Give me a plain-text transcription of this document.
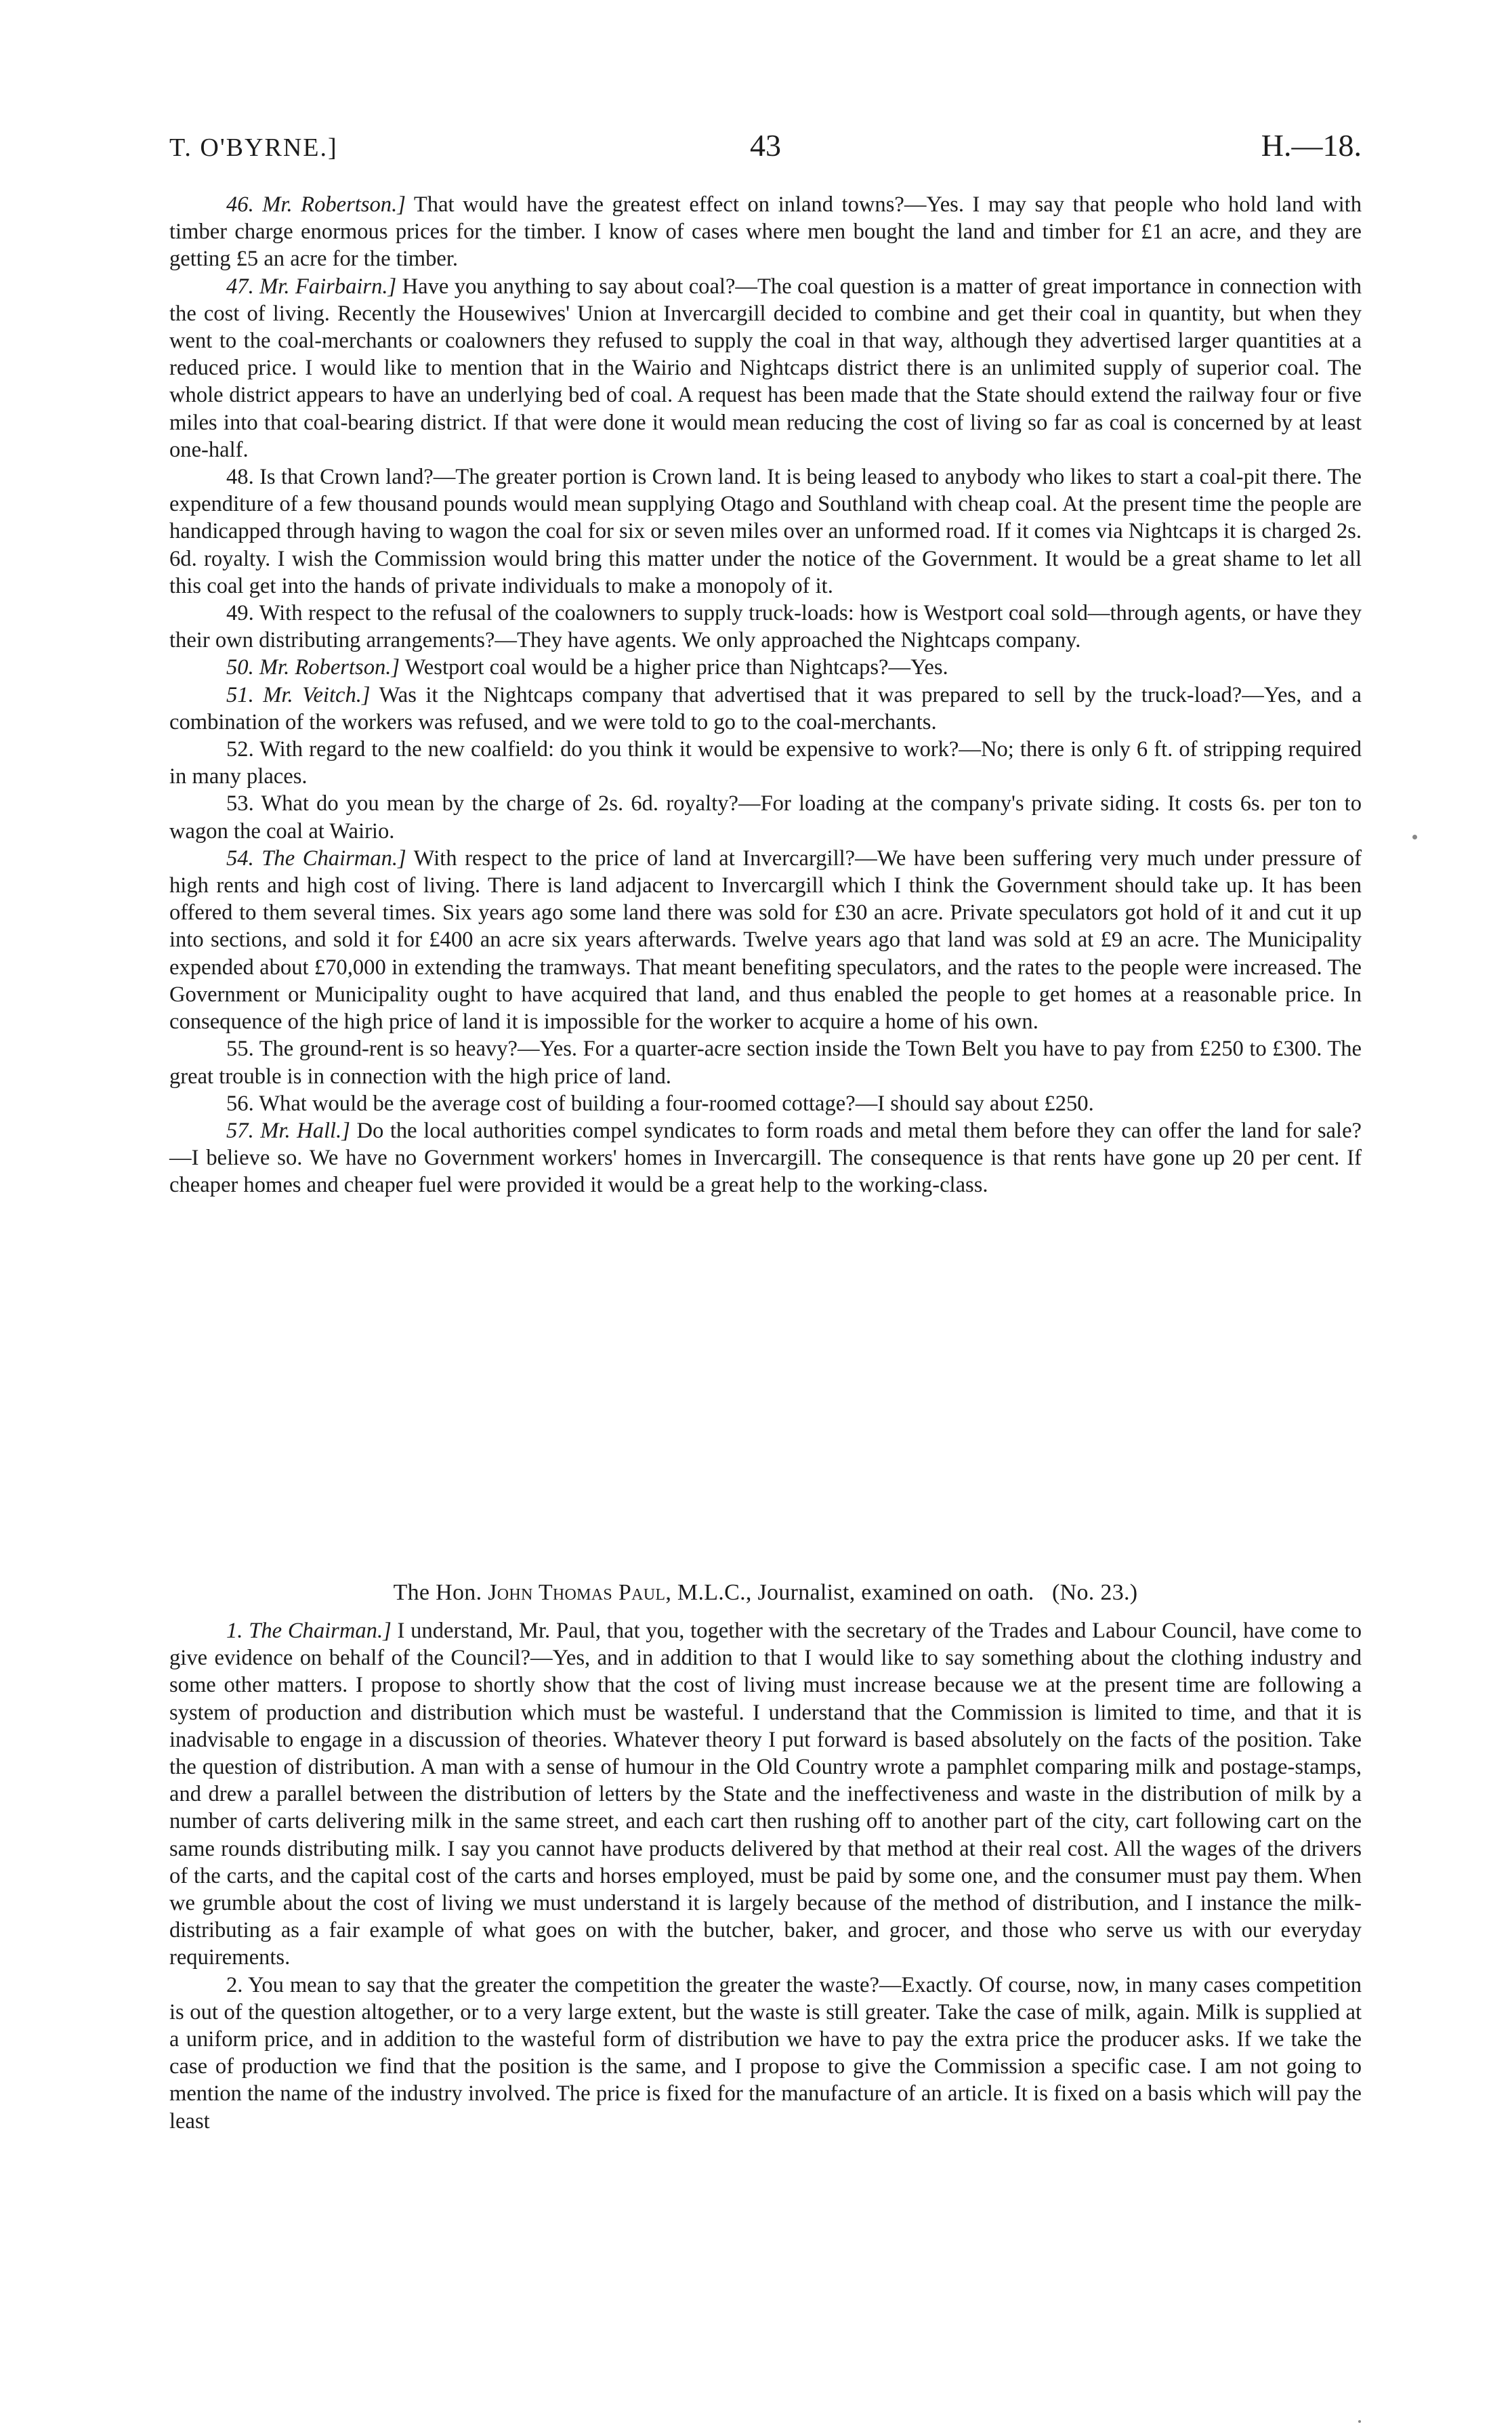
T. O'BYRNE.]	43	H.—18.

46. Mr. Robertson.] That would have the greatest effect on inland towns?—Yes. I may say that people who hold land with timber charge enormous prices for the timber. I know of cases where men bought the land and timber for £1 an acre, and they are getting £5 an acre for the timber.

47. Mr. Fairbairn.] Have you anything to say about coal?—The coal question is a matter of great importance in connection with the cost of living. Recently the Housewives' Union at Invercargill decided to combine and get their coal in quantity, but when they went to the coal-merchants or coalowners they refused to supply the coal in that way, although they advertised larger quantities at a reduced price. I would like to mention that in the Wairio and Nightcaps district there is an unlimited supply of superior coal. The whole district appears to have an underlying bed of coal. A request has been made that the State should extend the railway four or five miles into that coal-bearing district. If that were done it would mean reducing the cost of living so far as coal is concerned by at least one-half.

48. Is that Crown land?—The greater portion is Crown land. It is being leased to anybody who likes to start a coal-pit there. The expenditure of a few thousand pounds would mean supplying Otago and Southland with cheap coal. At the present time the people are handicapped through having to wagon the coal for six or seven miles over an unformed road. If it comes via Nightcaps it is charged 2s. 6d. royalty. I wish the Commission would bring this matter under the notice of the Government. It would be a great shame to let all this coal get into the hands of private individuals to make a monopoly of it.

49. With respect to the refusal of the coalowners to supply truck-loads: how is Westport coal sold—through agents, or have they their own distributing arrangements?—They have agents. We only approached the Nightcaps company.

50. Mr. Robertson.] Westport coal would be a higher price than Nightcaps?—Yes.

51. Mr. Veitch.] Was it the Nightcaps company that advertised that it was prepared to sell by the truck-load?—Yes, and a combination of the workers was refused, and we were told to go to the coal-merchants.

52. With regard to the new coalfield: do you think it would be expensive to work?—No; there is only 6 ft. of stripping required in many places.

53. What do you mean by the charge of 2s. 6d. royalty?—For loading at the company's private siding. It costs 6s. per ton to wagon the coal at Wairio.

54. The Chairman.] With respect to the price of land at Invercargill?—We have been suffering very much under pressure of high rents and high cost of living. There is land adjacent to Invercargill which I think the Government should take up. It has been offered to them several times. Six years ago some land there was sold for £30 an acre. Private speculators got hold of it and cut it up into sections, and sold it for £400 an acre six years afterwards. Twelve years ago that land was sold at £9 an acre. The Municipality expended about £70,000 in extending the tramways. That meant benefiting speculators, and the rates to the people were increased. The Government or Municipality ought to have acquired that land, and thus enabled the people to get homes at a reasonable price. In consequence of the high price of land it is impossible for the worker to acquire a home of his own.

55. The ground-rent is so heavy?—Yes. For a quarter-acre section inside the Town Belt you have to pay from £250 to £300. The great trouble is in connection with the high price of land.

56. What would be the average cost of building a four-roomed cottage?—I should say about £250.

57. Mr. Hall.] Do the local authorities compel syndicates to form roads and metal them before they can offer the land for sale?—I believe so. We have no Government workers' homes in Invercargill. The consequence is that rents have gone up 20 per cent. If cheaper homes and cheaper fuel were provided it would be a great help to the working-class.

The Hon. John Thomas Paul, M.L.C., Journalist, examined on oath. (No. 23.)

1. The Chairman.] I understand, Mr. Paul, that you, together with the secretary of the Trades and Labour Council, have come to give evidence on behalf of the Council?—Yes, and in addition to that I would like to say something about the clothing industry and some other matters. I propose to shortly show that the cost of living must increase because we at the present time are following a system of production and distribution which must be wasteful. I understand that the Commission is limited to time, and that it is inadvisable to engage in a discussion of theories. Whatever theory I put forward is based absolutely on the facts of the position. Take the question of distribution. A man with a sense of humour in the Old Country wrote a pamphlet comparing milk and postage-stamps, and drew a parallel between the distribution of letters by the State and the ineffectiveness and waste in the distribution of milk by a number of carts delivering milk in the same street, and each cart then rushing off to another part of the city, cart following cart on the same rounds distributing milk. I say you cannot have products delivered by that method at their real cost. All the wages of the drivers of the carts, and the capital cost of the carts and horses employed, must be paid by some one, and the consumer must pay them. When we grumble about the cost of living we must understand it is largely because of the method of distribution, and I instance the milk-distributing as a fair example of what goes on with the butcher, baker, and grocer, and those who serve us with our everyday requirements.

2. You mean to say that the greater the competition the greater the waste?—Exactly. Of course, now, in many cases competition is out of the question altogether, or to a very large extent, but the waste is still greater. Take the case of milk, again. Milk is supplied at a uniform price, and in addition to the wasteful form of distribution we have to pay the extra price the producer asks. If we take the case of production we find that the position is the same, and I propose to give the Commission a specific case. I am not going to mention the name of the industry involved. The price is fixed for the manufacture of an article. It is fixed on a basis which will pay the least
